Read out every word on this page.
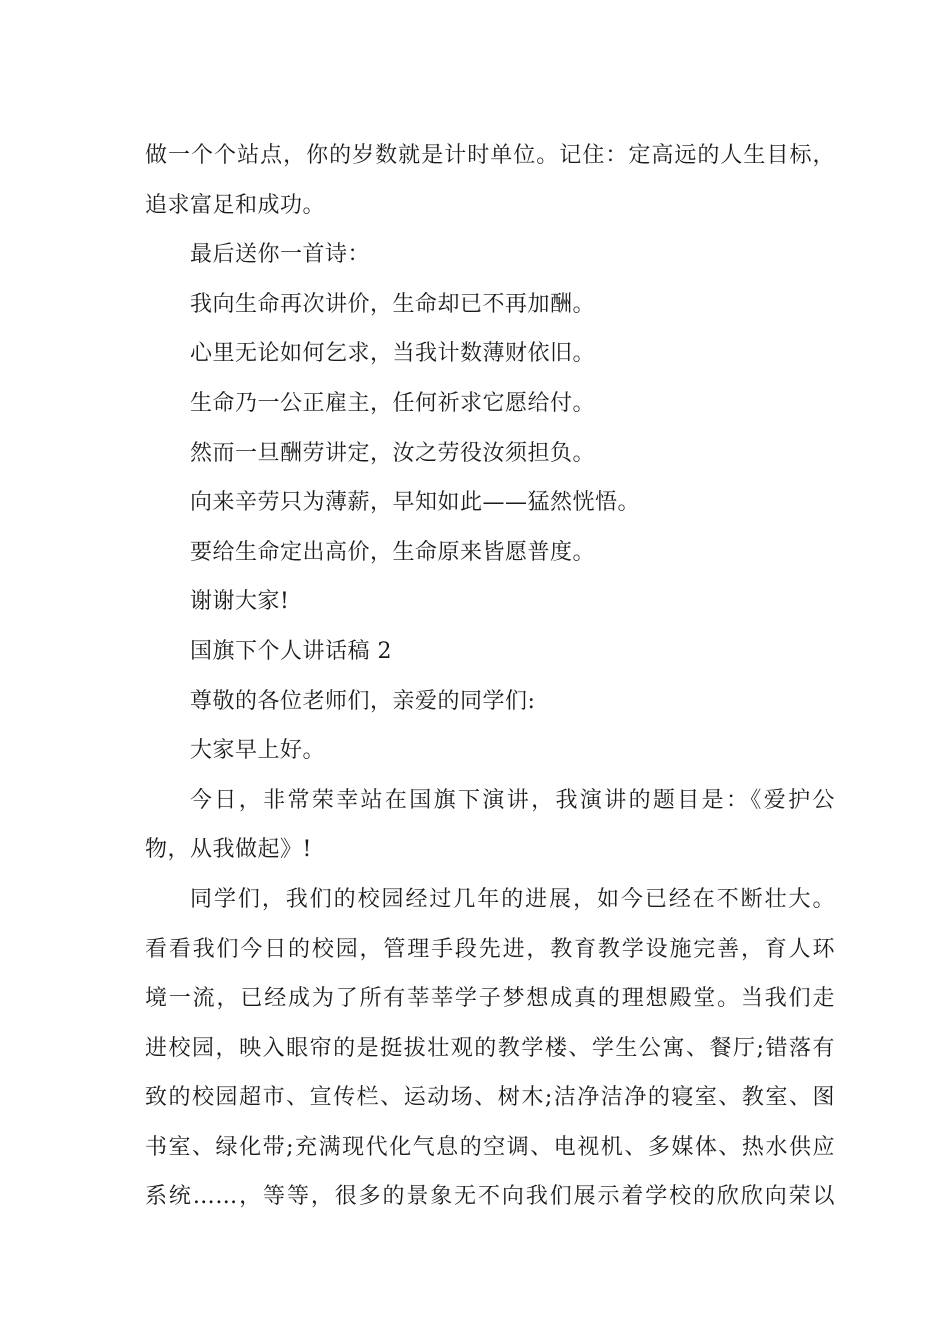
做一个个站点，你的岁数就是计时单位。记住：定高远的人生目标，
追求富足和成功。
最后送你一首诗：
我向生命再次讲价，生命却已不再加酬。
心里无论如何乞求，当我计数薄财依旧。
生命乃一公正雇主，任何祈求它愿给付。
然而一旦酬劳讲定，汝之劳役汝须担负。
向来辛劳只为薄薪，早知如此——猛然恍悟。
要给生命定出高价，生命原来皆愿普度。
谢谢大家!
国旗下个人讲话稿 2
尊敬的各位老师们，亲爱的同学们:
大家早上好。
今日，非常荣幸站在国旗下演讲，我演讲的题目是：《爱护公
物，从我做起》!
同学们，我们的校园经过几年的进展，如今已经在不断壮大。
看看我们今日的校园，管理手段先进，教育教学设施完善，育人环
境一流，已经成为了所有莘莘学子梦想成真的理想殿堂。当我们走
进校园，映入眼帘的是挺拔壮观的教学楼、学生公寓、餐厅;错落有
致的校园超市、宣传栏、运动场、树木;洁净洁净的寝室、教室、图
书室、绿化带;充满现代化气息的空调、电视机、多媒体、热水供应
系统……，等等，很多的景象无不向我们展示着学校的欣欣向荣以
